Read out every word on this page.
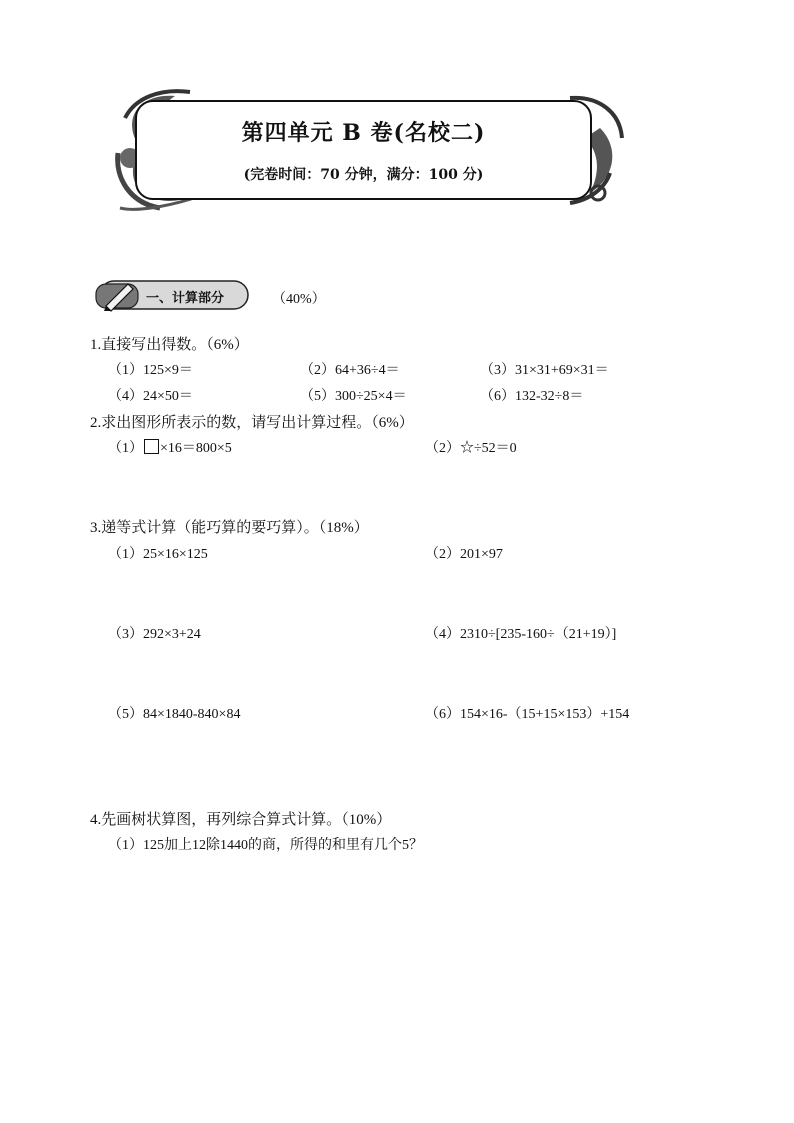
第四单元 B 卷(名校二)
(完卷时间：70 分钟，满分：100 分)
一、计算部分	（40%）
1.直接写出得数。（6%）
（1）125×9＝	（2）64+36÷4＝	（3）31×31+69×31＝
（4）24×50＝	（5）300÷25×4＝	（6）132-32÷8＝
2.求出图形所表示的数，请写出计算过程。（6%）
（1） ×16＝800×5	（2）☆÷52＝0
3.递等式计算（能巧算的要巧算）。（18%）
（1）25×16×125	（2）201×97
（3）292×3+24	（4）2310÷[235-160÷（21+19）]
（5）84×1840-840×84	（6）154×16-（15+15×153）+154
4.先画树状算图，再列综合算式计算。（10%）
（1）125加上12除1440的商，所得的和里有几个5？
